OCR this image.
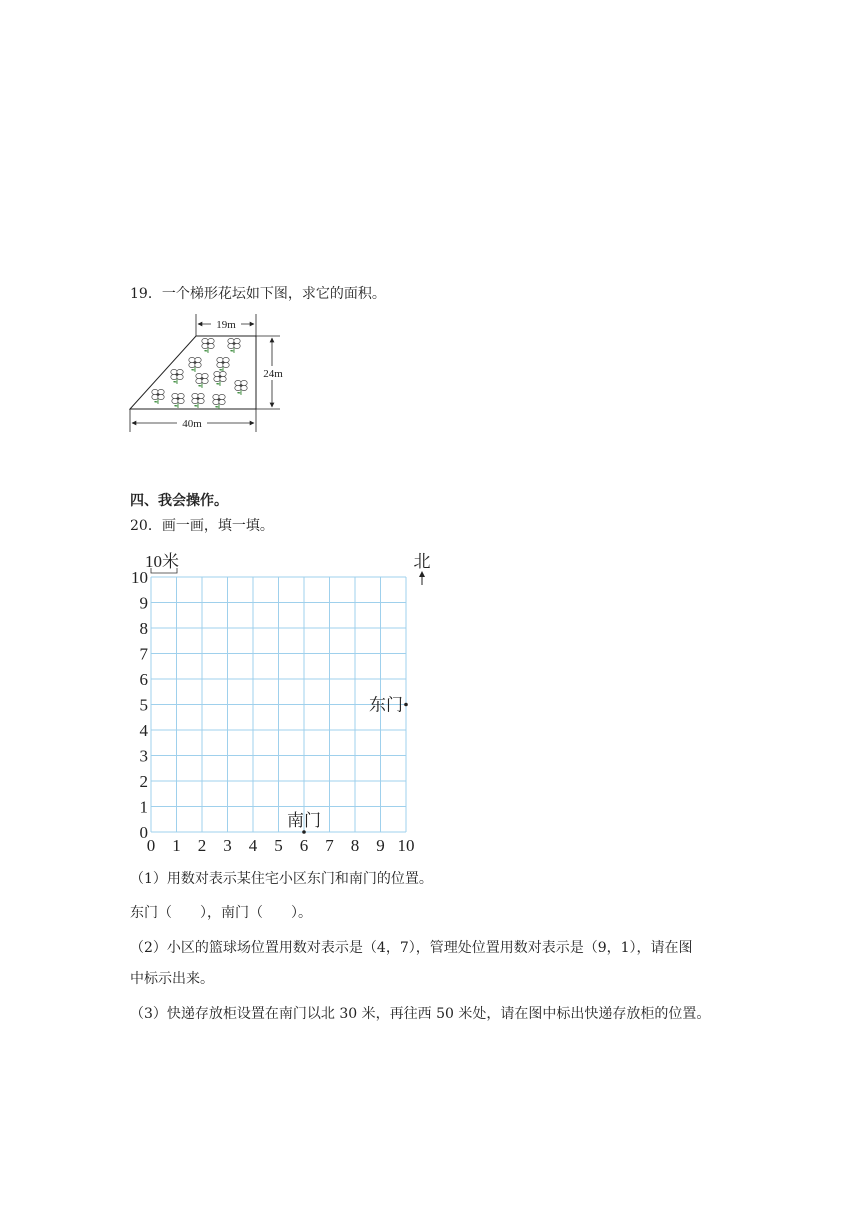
19．一个梯形花坛如下图，求它的面积。
19m
24m
40m
四、我会操作。
20．画一画，填一填。
0 1 2 3 4 5 6 7 8 9 10
0
1
2
3
4
5
6
7
8
9
10
10米	北
东门
南门
（1）用数对表示某住宅小区东门和南门的位置。
东门（　　），南门（　　）。
（2）小区的篮球场位置用数对表示是（4，7），管理处位置用数对表示是（9，1），请在图
中标示出来。
（3）快递存放柜设置在南门以北 30 米，再往西 50 米处，请在图中标出快递存放柜的位置。
